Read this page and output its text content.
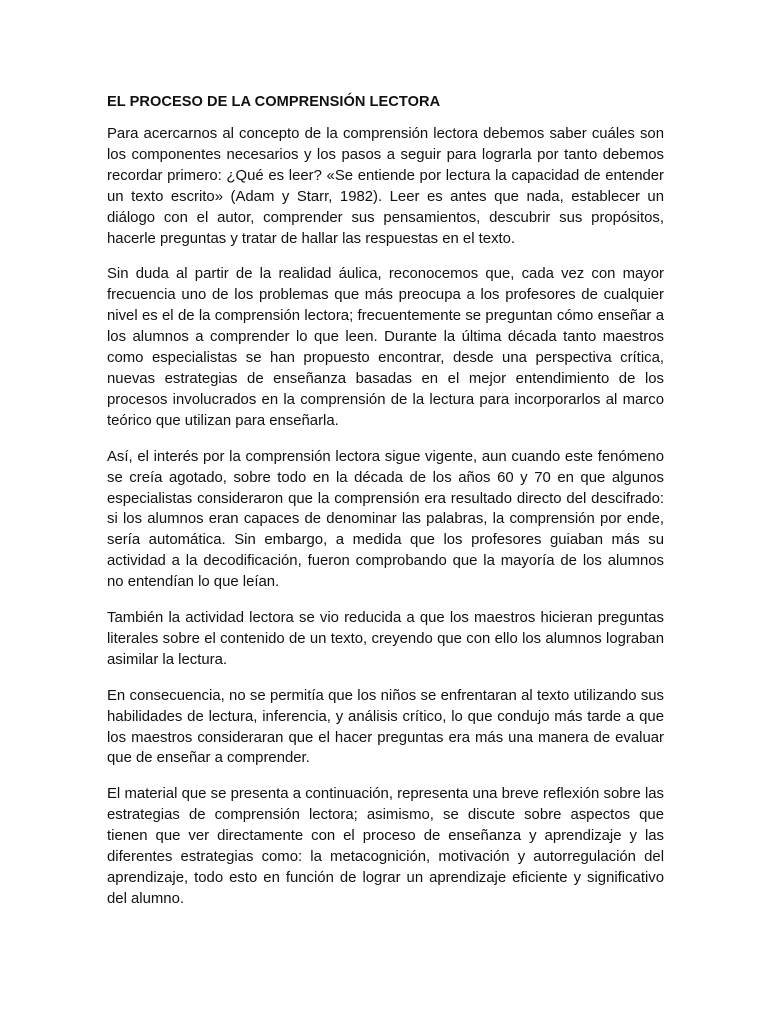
EL PROCESO DE LA COMPRENSIÓN LECTORA

Para acercarnos al concepto de la comprensión lectora debemos saber cuáles son los componentes necesarios y los pasos a seguir para lograrla por tanto debemos recordar primero: ¿Qué es leer? «Se entiende por lectura la capacidad de entender un texto escrito» (Adam y Starr, 1982). Leer es antes que nada, establecer un diálogo con el autor, comprender sus pensamientos, descubrir sus propósitos, hacerle preguntas y tratar de hallar las respuestas en el texto.

Sin duda al partir de la realidad áulica, reconocemos que, cada vez con mayor frecuencia uno de los problemas que más preocupa a los profesores de cualquier nivel es el de la comprensión lectora; frecuentemente se preguntan cómo enseñar a los alumnos a comprender lo que leen. Durante la última década tanto maestros como especialistas se han propuesto encontrar, desde una perspectiva crítica, nuevas estrategias de enseñanza basadas en el mejor entendimiento de los procesos involucrados en la comprensión de la lectura para incorporarlos al marco teórico que utilizan para enseñarla.

Así, el interés por la comprensión lectora sigue vigente, aun cuando este fenómeno se creía agotado, sobre todo en la década de los años 60 y 70 en que algunos especialistas consideraron que la comprensión era resultado directo del descifrado: si los alumnos eran capaces de denominar las palabras, la comprensión por ende, sería automática. Sin embargo, a medida que los profesores guiaban más su actividad a la decodificación, fueron comprobando que la mayoría de los alumnos no entendían lo que leían.

También la actividad lectora se vio reducida a que los maestros hicieran preguntas literales sobre el contenido de un texto, creyendo que con ello los alumnos lograban asimilar la lectura.

En consecuencia, no se permitía que los niños se enfrentaran al texto utilizando sus habilidades de lectura, inferencia, y análisis crítico, lo que condujo más tarde a que los maestros consideraran que el hacer preguntas era más una manera de evaluar que de enseñar a comprender.

El material que se presenta a continuación, representa una breve reflexión sobre las estrategias de comprensión lectora; asimismo, se discute sobre aspectos que tienen que ver directamente con el proceso de enseñanza y aprendizaje y las diferentes estrategias como: la metacognición, motivación y autorregulación del aprendizaje, todo esto en función de lograr un aprendizaje eficiente y significativo del alumno.
